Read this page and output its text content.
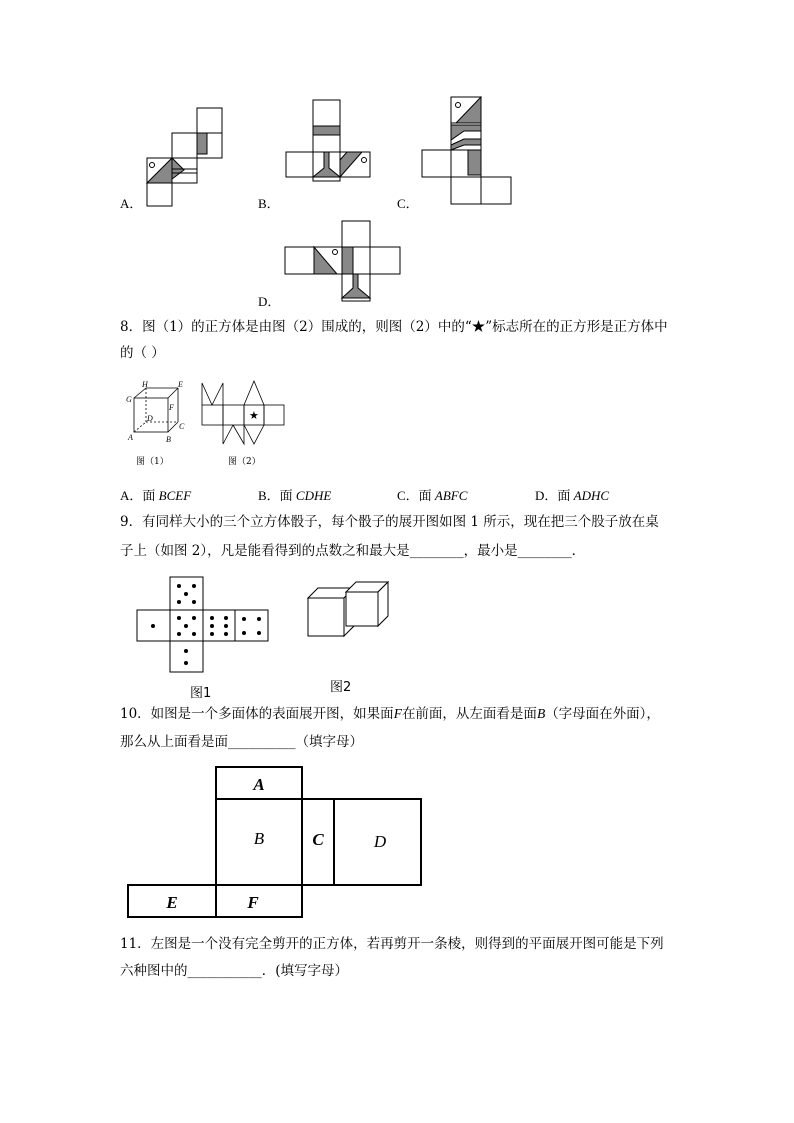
A．	B．	C．
D．
8．图（1）的正方体是由图（2）围成的，则图（2）中的“★”标志所在的正方形是正方体中
的（ ）
H	E
G
F
D
C
A	B
图（1）
★
图（2）
A．面 BCEF	B．面 CDHE	C．面 ABFC	D．面 ADHC
9．有同样大小的三个立方体骰子，每个骰子的展开图如图 1 所示，现在把三个股子放在桌
子上（如图 2），凡是能看得到的点数之和最大是________，最小是________．
图1	图2
10．如图是一个多面体的表面展开图，如果面F在前面，从左面看是面B（字母面在外面），
那么从上面看是面__________（填字母）
A
B	C	D
E	F
11．左图是一个没有完全剪开的正方体，若再剪开一条棱，则得到的平面展开图可能是下列
六种图中的___________．(填写字母）
